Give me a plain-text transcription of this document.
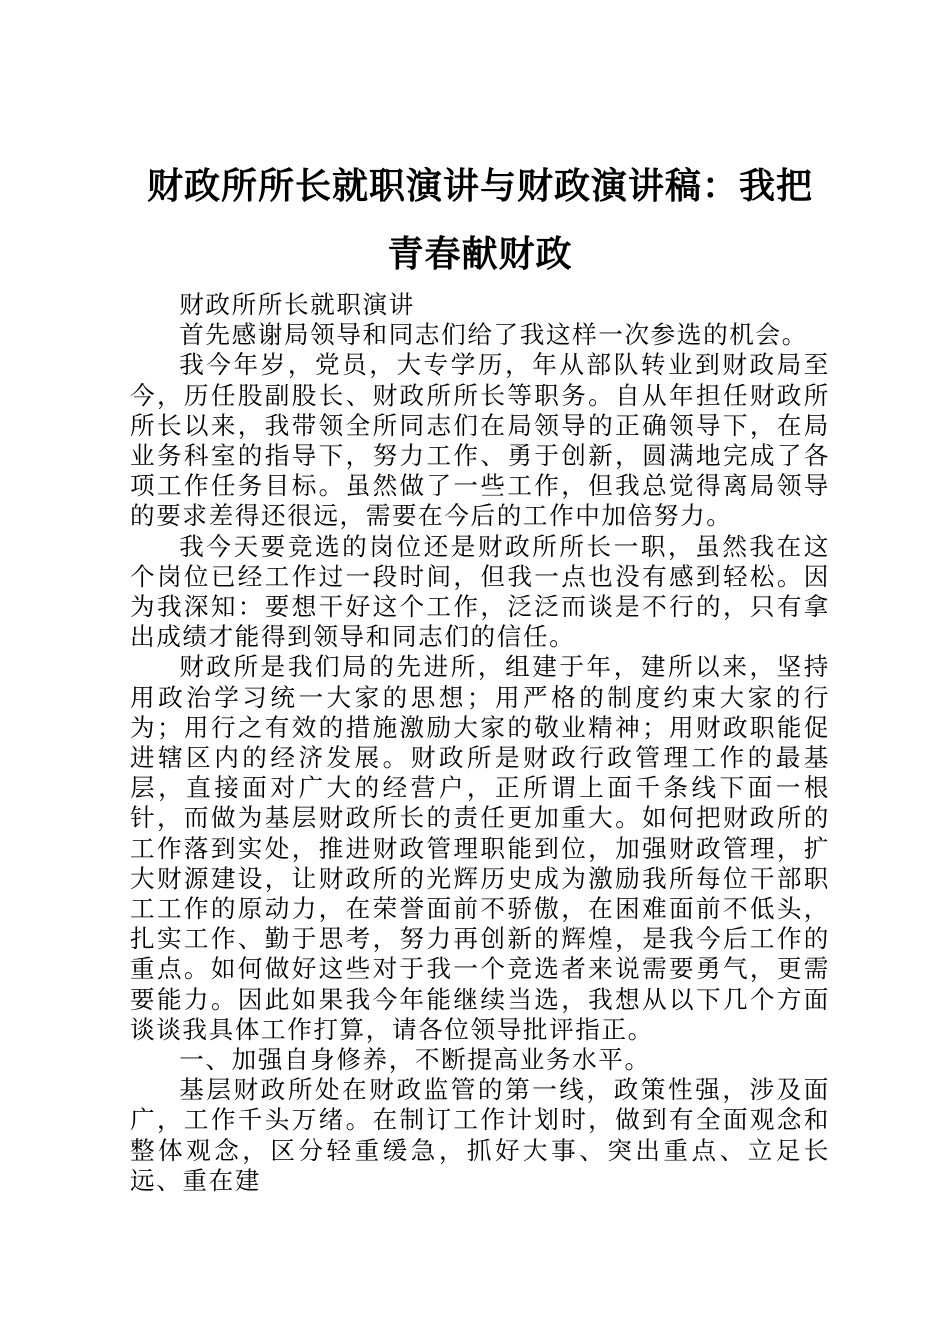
财政所所长就职演讲与财政演讲稿：我把青春献财政

财政所所长就职演讲

首先感谢局领导和同志们给了我这样一次参选的机会。

我今年岁，党员，大专学历，年从部队转业到财政局至今，历任股副股长、财政所所长等职务。自从年担任财政所所长以来，我带领全所同志们在局领导的正确领导下，在局业务科室的指导下，努力工作、勇于创新，圆满地完成了各项工作任务目标。虽然做了一些工作，但我总觉得离局领导的要求差得还很远，需要在今后的工作中加倍努力。

我今天要竞选的岗位还是财政所所长一职，虽然我在这个岗位已经工作过一段时间，但我一点也没有感到轻松。因为我深知：要想干好这个工作，泛泛而谈是不行的，只有拿出成绩才能得到领导和同志们的信任。

财政所是我们局的先进所，组建于年，建所以来，坚持用政治学习统一大家的思想；用严格的制度约束大家的行为；用行之有效的措施激励大家的敬业精神；用财政职能促进辖区内的经济发展。财政所是财政行政管理工作的最基层，直接面对广大的经营户，正所谓上面千条线下面一根针，而做为基层财政所长的责任更加重大。如何把财政所的工作落到实处，推进财政管理职能到位，加强财政管理，扩大财源建设，让财政所的光辉历史成为激励我所每位干部职工工作的原动力，在荣誉面前不骄傲，在困难面前不低头，扎实工作、勤于思考，努力再创新的辉煌，是我今后工作的重点。如何做好这些对于我一个竞选者来说需要勇气，更需要能力。因此如果我今年能继续当选，我想从以下几个方面谈谈我具体工作打算，请各位领导批评指正。

一、加强自身修养，不断提高业务水平。

基层财政所处在财政监管的第一线，政策性强，涉及面广，工作千头万绪。在制订工作计划时，做到有全面观念和整体观念，区分轻重缓急，抓好大事、突出重点、立足长远、重在建
